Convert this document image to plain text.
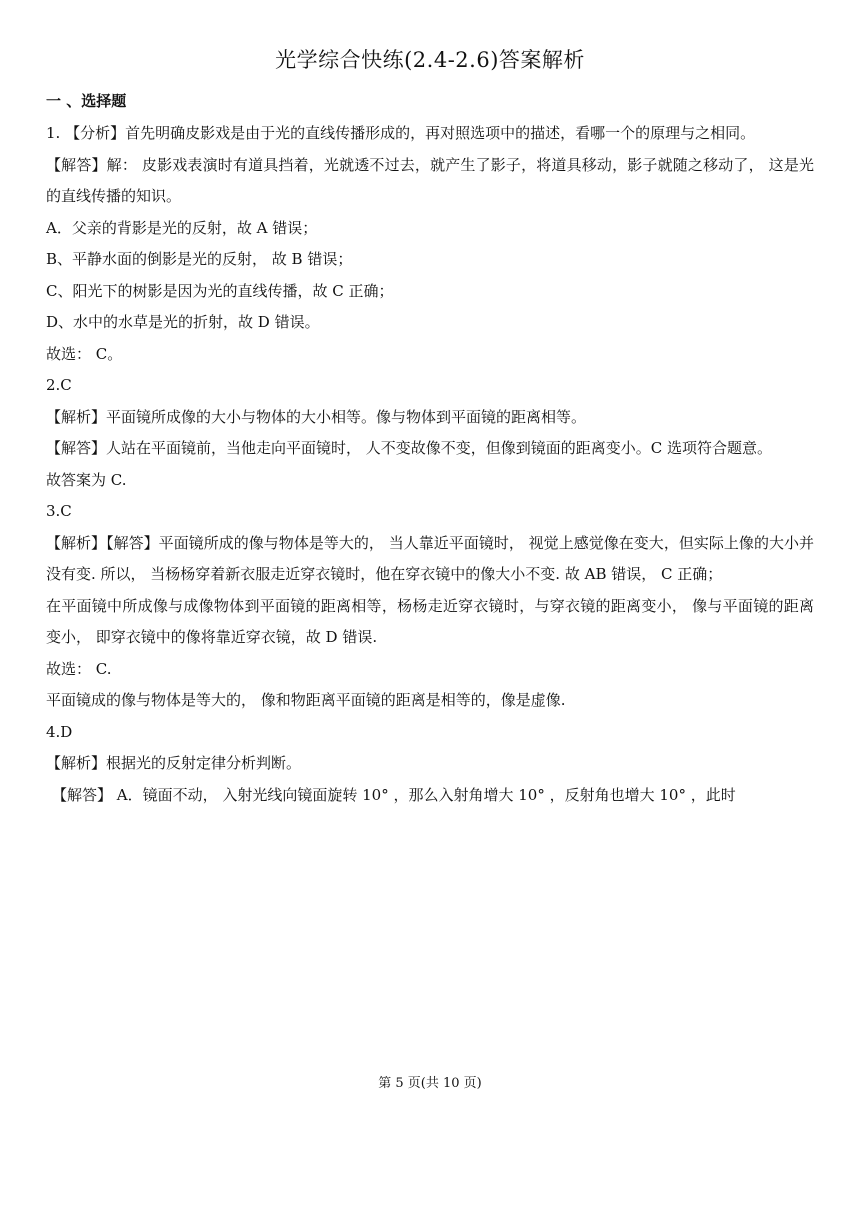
光学综合快练(2.4-2.6)答案解析
一 、选择题

1. 【分析】首先明确皮影戏是由于光的直线传播形成的，再对照选项中的描述，看哪一个的原理与之相同。

【解答】解： 皮影戏表演时有道具挡着，光就透不过去，就产生了影子，将道具移动，影子就随之移动了， 这是光的直线传播的知识。

A．父亲的背影是光的反射，故 A 错误；

B、平静水面的倒影是光的反射， 故 B 错误；

C、阳光下的树影是因为光的直线传播，故 C 正确；

D、水中的水草是光的折射，故 D 错误。

故选： C。

2.C

【解析】平面镜所成像的大小与物体的大小相等。像与物体到平面镜的距离相等。

【解答】人站在平面镜前，当他走向平面镜时， 人不变故像不变，但像到镜面的距离变小。C 选项符合题意。

故答案为 C.

3.C

【解析】【解答】平面镜所成的像与物体是等大的， 当人靠近平面镜时， 视觉上感觉像在变大，但实际上像的大小并没有变. 所以， 当杨杨穿着新衣服走近穿衣镜时，他在穿衣镜中的像大小不变. 故 AB 错误， C 正确；

在平面镜中所成像与成像物体到平面镜的距离相等，杨杨走近穿衣镜时，与穿衣镜的距离变小， 像与平面镜的距离变小， 即穿衣镜中的像将靠近穿衣镜，故 D 错误.

故选： C.

平面镜成的像与物体是等大的， 像和物距离平面镜的距离是相等的，像是虚像.

4.D

【解析】根据光的反射定律分析判断。

【解答】 A．镜面不动， 入射光线向镜面旋转 10° ，那么入射角增大 10° ，反射角也增大 10° ，此时

第 5 页(共 10 页)
